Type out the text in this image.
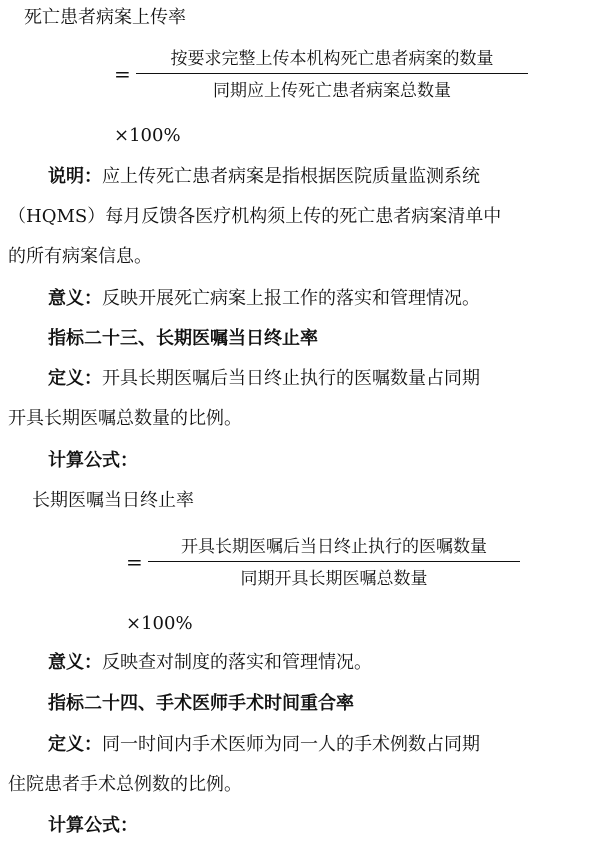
死亡患者病案上传率
=
按要求完整上传本机构死亡患者病案的数量
同期应上传死亡患者病案总数量
×100%
说明：应上传死亡患者病案是指根据医院质量监测系统
（HQMS）每月反馈各医疗机构须上传的死亡患者病案清单中
的所有病案信息。
意义：反映开展死亡病案上报工作的落实和管理情况。
指标二十三、长期医嘱当日终止率
定义：开具长期医嘱后当日终止执行的医嘱数量占同期
开具长期医嘱总数量的比例。
计算公式：
长期医嘱当日终止率
=
开具长期医嘱后当日终止执行的医嘱数量
同期开具长期医嘱总数量
×100%
意义：反映查对制度的落实和管理情况。
指标二十四、手术医师手术时间重合率
定义：同一时间内手术医师为同一人的手术例数占同期
住院患者手术总例数的比例。
计算公式：
